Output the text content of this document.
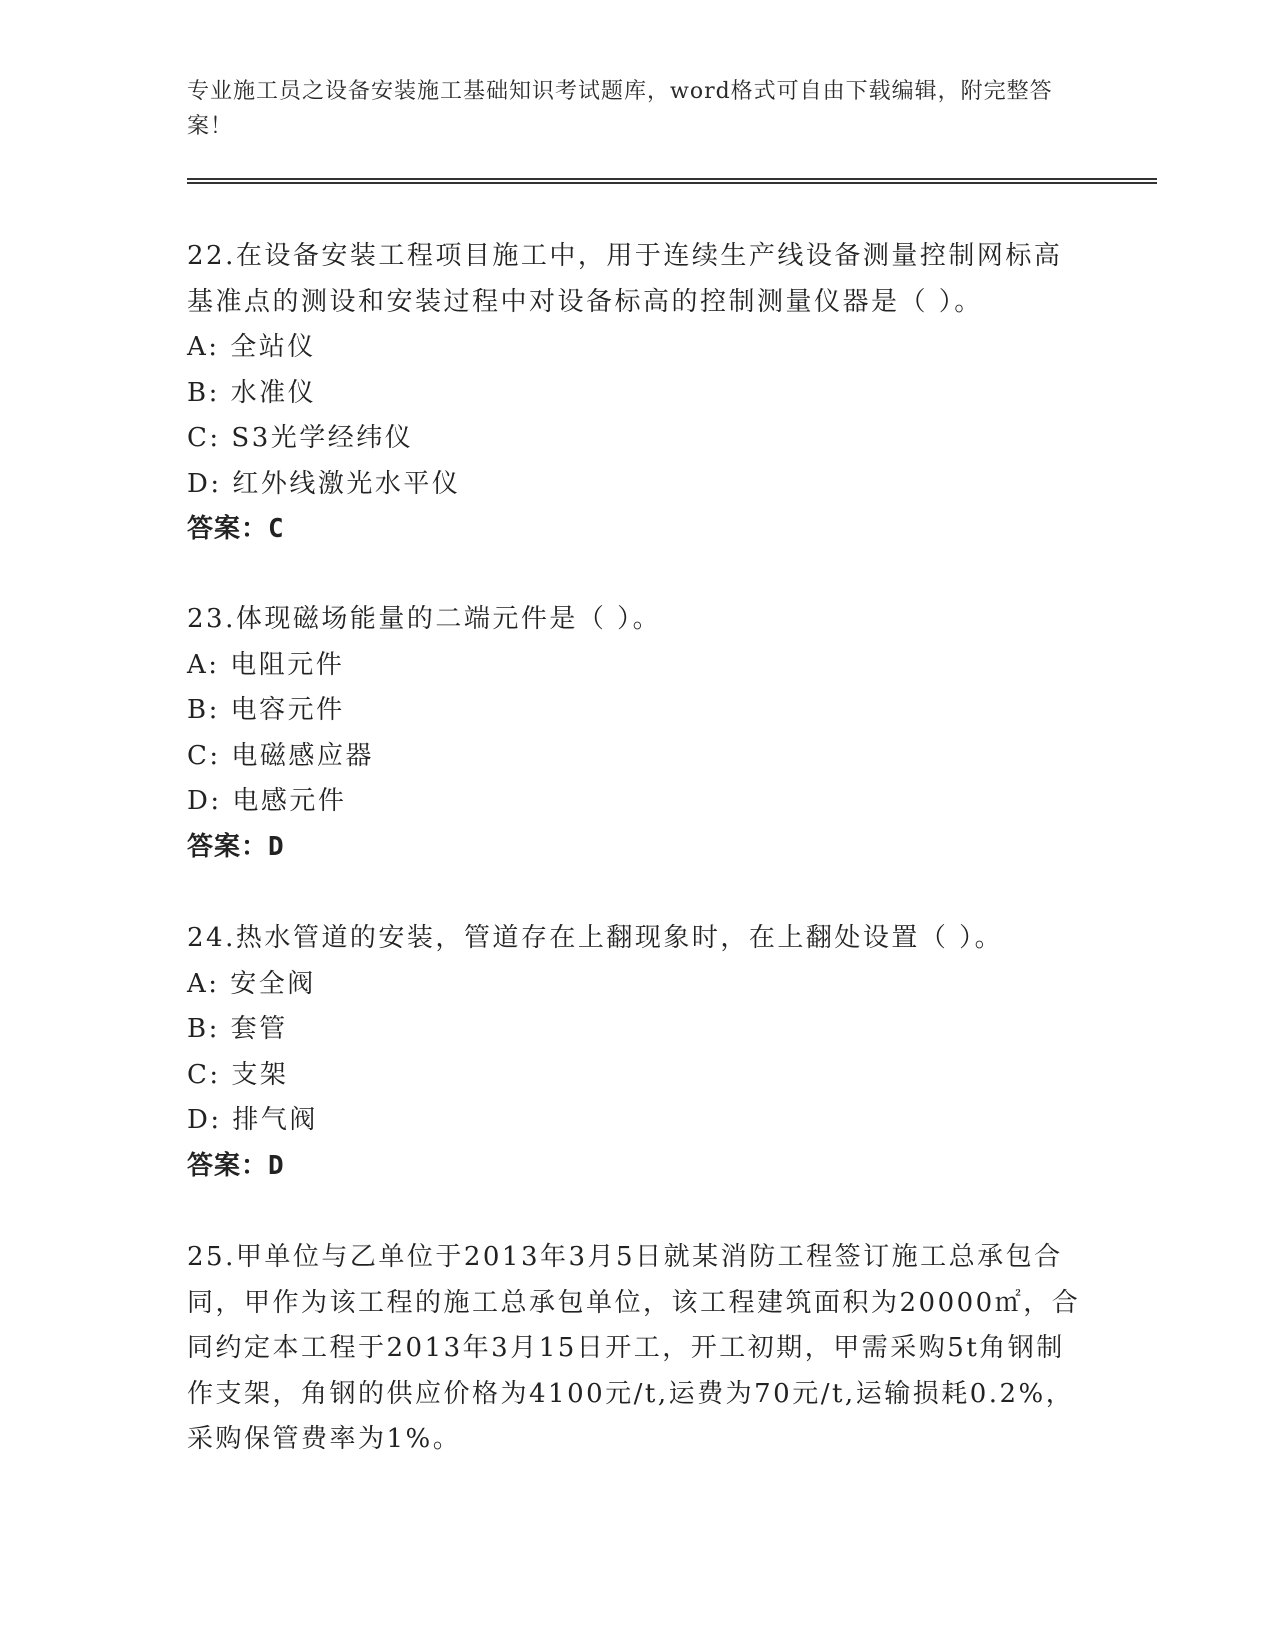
专业施工员之设备安装施工基础知识考试题库，word格式可自由下载编辑，附完整答案！

22.在设备安装工程项目施工中，用于连续生产线设备测量控制网标高基准点的测设和安装过程中对设备标高的控制测量仪器是（ ）。

A: 全站仪

B: 水准仪

C: S3光学经纬仪

D: 红外线激光水平仪

答案：C

23.体现磁场能量的二端元件是（ ）。

A: 电阻元件

B: 电容元件

C: 电磁感应器

D: 电感元件

答案：D

24.热水管道的安装，管道存在上翻现象时，在上翻处设置（ ）。

A: 安全阀

B: 套管

C: 支架

D: 排气阀

答案：D

25.甲单位与乙单位于2013年3月5日就某消防工程签订施工总承包合同，甲作为该工程的施工总承包单位，该工程建筑面积为20000㎡，合同约定本工程于2013年3月15日开工，开工初期，甲需采购5t角钢制作支架，角钢的供应价格为4100元/t,运费为70元/t,运输损耗0.2%，采购保管费率为1%。
